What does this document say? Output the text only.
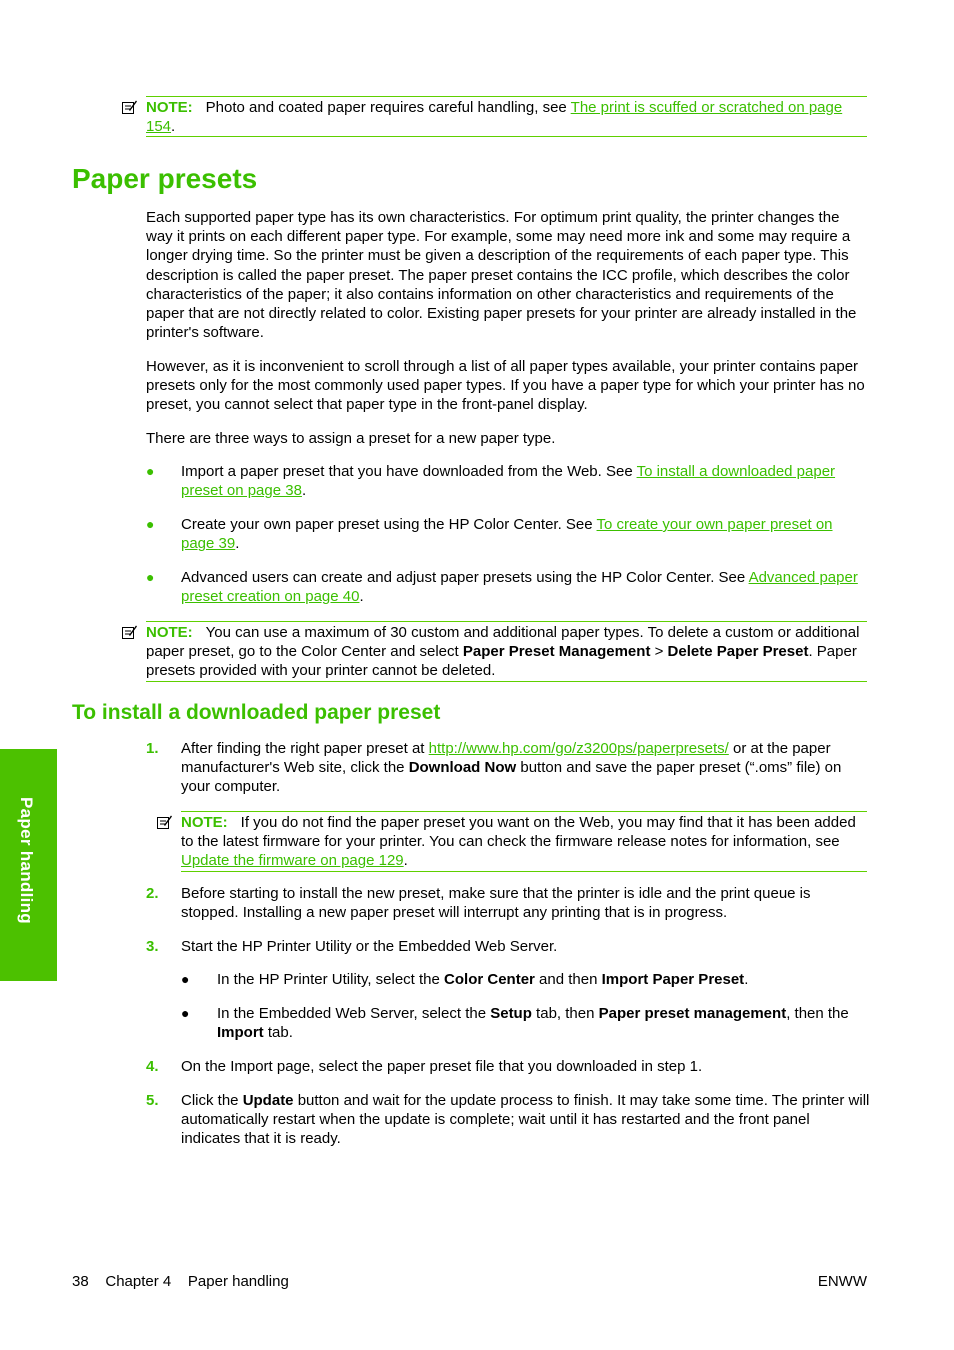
NOTE: Photo and coated paper requires careful handling, see The print is scuffed or scratched on page 154.
Paper presets

Each supported paper type has its own characteristics. For optimum print quality, the printer changes the way it prints on each different paper type. For example, some may need more ink and some may require a longer drying time. So the printer must be given a description of the requirements of each paper type. This description is called the paper preset. The paper preset contains the ICC profile, which describes the color characteristics of the paper; it also contains information on other characteristics and requirements of the paper that are not directly related to color. Existing paper presets for your printer are already installed in the printer's software.

However, as it is inconvenient to scroll through a list of all paper types available, your printer contains paper presets only for the most commonly used paper types. If you have a paper type for which your printer has no preset, you cannot select that paper type in the front-panel display.

There are three ways to assign a preset for a new paper type.

● Import a paper preset that you have downloaded from the Web. See To install a downloaded paper preset on page 38.
● Create your own paper preset using the HP Color Center. See To create your own paper preset on page 39.
● Advanced users can create and adjust paper presets using the HP Color Center. See Advanced paper preset creation on page 40.
NOTE: You can use a maximum of 30 custom and additional paper types. To delete a custom or additional paper preset, go to the Color Center and select Paper Preset Management > Delete Paper Preset. Paper presets provided with your printer cannot be deleted.
To install a downloaded paper preset
1. After finding the right paper preset at http://www.hp.com/go/z3200ps/paperpresets/ or at the paper manufacturer's Web site, click the Download Now button and save the paper preset (“.oms” file) on your computer.
NOTE: If you do not find the paper preset you want on the Web, you may find that it has been added to the latest firmware for your printer. You can check the firmware release notes for information, see Update the firmware on page 129.
2. Before starting to install the new preset, make sure that the printer is idle and the print queue is stopped. Installing a new paper preset will interrupt any printing that is in progress.
3. Start the HP Printer Utility or the Embedded Web Server.
● In the HP Printer Utility, select the Color Center and then Import Paper Preset.
● In the Embedded Web Server, select the Setup tab, then Paper preset management, then the Import tab.
4. On the Import page, select the paper preset file that you downloaded in step 1.
5. Click the Update button and wait for the update process to finish. It may take some time. The printer will automatically restart when the update is complete; wait until it has restarted and the front panel indicates that it is ready.
Paper handling
38 Chapter 4 Paper handling	ENWW
